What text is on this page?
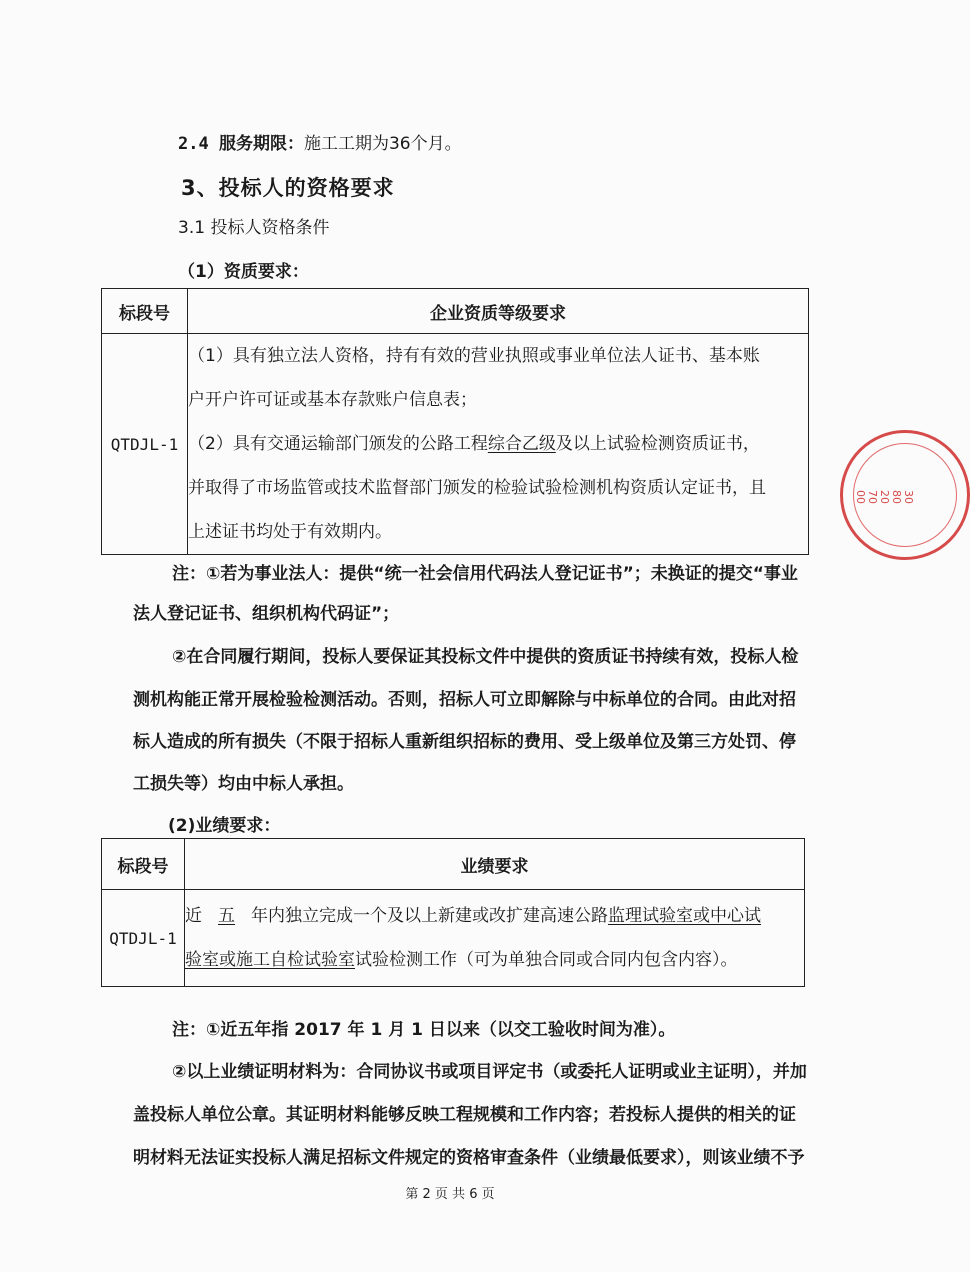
2.4 服务期限：施工工期为36个月。
3、投标人的资格要求
3.1 投标人资格条件
（1）资质要求：
标段号	企业资质等级要求
QTDJL-1	（1）具有独立法人资格，持有有效的营业执照或事业单位法人证书、基本账
户开户许可证或基本存款账户信息表；
（2）具有交通运输部门颁发的公路工程综合乙级及以上试验检测资质证书，
并取得了市场监管或技术监督部门颁发的检验试验检测机构资质认定证书，且
上述证书均处于有效期内。
注：①若为事业法人：提供“统一社会信用代码法人登记证书”；未换证的提交“事业
法人登记证书、组织机构代码证”；
②在合同履行期间，投标人要保证其投标文件中提供的资质证书持续有效，投标人检
测机构能正常开展检验检测活动。否则，招标人可立即解除与中标单位的合同。由此对招
标人造成的所有损失（不限于招标人重新组织招标的费用、受上级单位及第三方处罚、停
工损失等）均由中标人承担。
(2)业绩要求：
标段号	业绩要求
QTDJL-1	近 五 年内独立完成一个及以上新建或改扩建高速公路监理试验室或中心试
验室或施工自检试验室试验检测工作（可为单独合同或合同内包含内容）。
注：①近五年指 2017 年 1 月 1 日以来（以交工验收时间为准）。
②以上业绩证明材料为：合同协议书或项目评定书（或委托人证明或业主证明），并加
盖投标人单位公章。其证明材料能够反映工程规模和工作内容；若投标人提供的相关的证
明材料无法证实投标人满足招标文件规定的资格审查条件（业绩最低要求），则该业绩不予
第 2 页 共 6 页
3080207000
